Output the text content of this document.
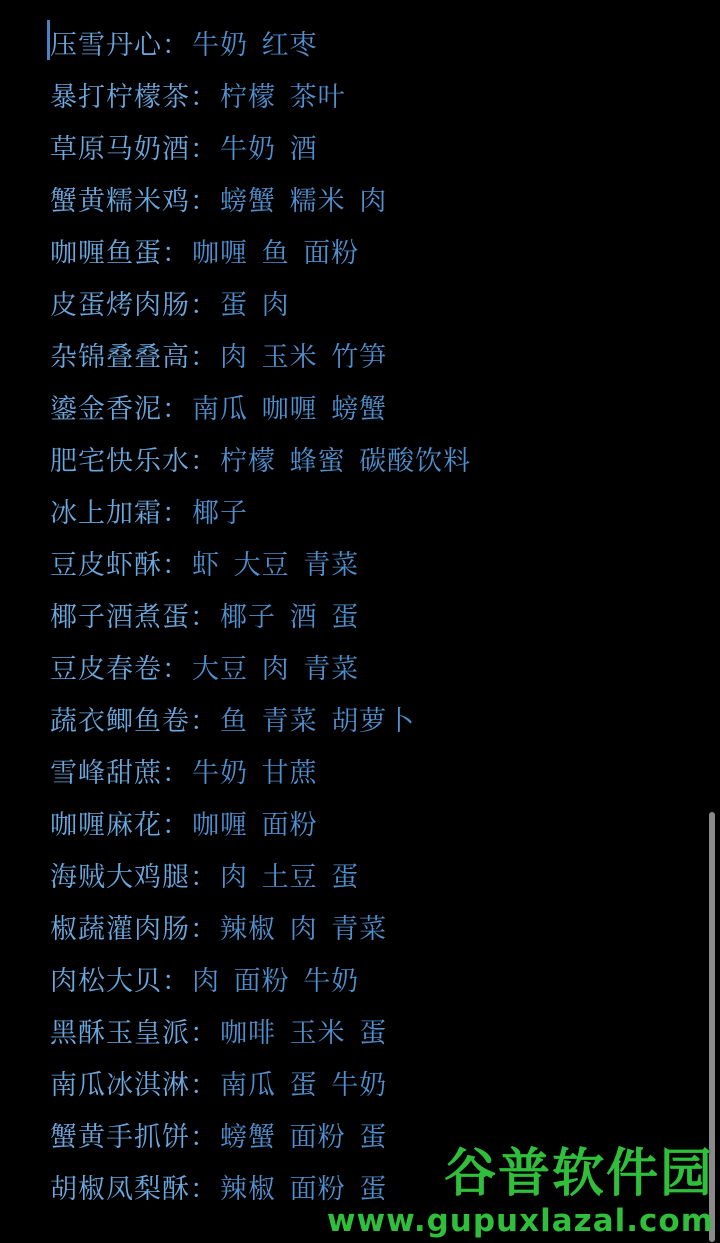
压雪丹心：牛奶 红枣
暴打柠檬茶：柠檬 茶叶
草原马奶酒：牛奶 酒
蟹黄糯米鸡：螃蟹 糯米 肉
咖喱鱼蛋：咖喱 鱼 面粉
皮蛋烤肉肠：蛋 肉
杂锦叠叠高：肉 玉米 竹笋
鎏金香泥：南瓜 咖喱 螃蟹
肥宅快乐水：柠檬 蜂蜜 碳酸饮料
冰上加霜：椰子
豆皮虾酥：虾 大豆 青菜
椰子酒煮蛋：椰子 酒 蛋
豆皮春卷：大豆 肉 青菜
蔬衣鲫鱼卷：鱼 青菜 胡萝卜
雪峰甜蔗：牛奶 甘蔗
咖喱麻花：咖喱 面粉
海贼大鸡腿：肉 土豆 蛋
椒蔬灌肉肠：辣椒 肉 青菜
肉松大贝：肉 面粉 牛奶
黑酥玉皇派：咖啡 玉米 蛋
南瓜冰淇淋：南瓜 蛋 牛奶
蟹黄手抓饼：螃蟹 面粉 蛋
胡椒凤梨酥：辣椒 面粉 蛋	谷普软件园
www.gupuxlazal.com
